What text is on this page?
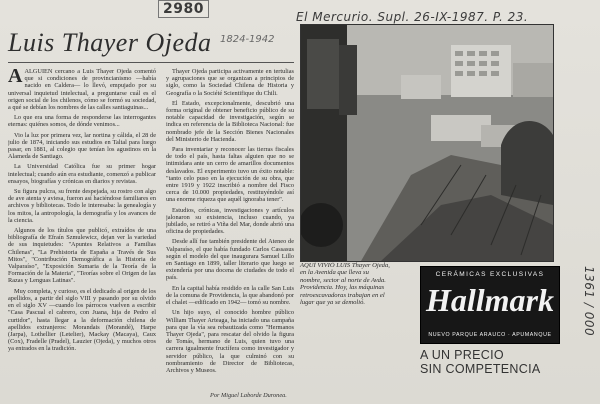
2980	El Mercurio. Supl. 26-IX-1987. P. 23.
1361 / 000
Luis Thayer Ojeda 1824-1942

AALGUIEN cercano a Luis Thayer Ojeda comentó que si condiciones de provincianismo —había nacido en Caldera— lo llevó, empujado por su universal inquietud intelectual, a preguntarse cuál es el origen social de los chilenos, cómo se formó su sociedad, a qué se debían los nombres de las calles santiaguinas...

Lo que era una forma de responderse las interrogantes eternas: quiénes somos, de dónde venimos...

Vio la luz por primera vez, lar nortina y cálida, el 28 de julio de 1874, iniciando sus estudios en Taltal para luego pasar, en 1881, al colegio que tenían los agustinos en la Alameda de Santiago.

La Universidad Católica fue su primer hogar intelectual; cuando aún era estudiante, comenzó a publicar ensayos, biografías y crónicas en diarios y revistas.

Su figura pulcra, su frente despejada, su rostro con algo de ave atenta y aviesa, fueron así haciéndose familiares en archivos y bibliotecas. Todo le interesaba: la genealogía y los mitos, la antropología, la demografía y los avances de la ciencia.

Algunos de los títulos que publicó, extraídos de una bibliografía de Efraín Szmulewicz, dejan ver la variedad de sus inquietudes: "Apuntes Relativos a Familias Chilenas", "La Prehistoria de España a Través de Sus Mitos", "Contribución Demográfica a la Historia de Valparaíso", "Exposición Sumaria de la Teoría de la Formación de la Materia", "Teorías sobre el Origen de las Razas y Lenguas Latinas".

Muy completa, y curioso, es el dedicado al origen de los apellidos, a partir del siglo VIII y pasando por su olvido en el siglo XV —cuando los párrocos vuelven a escribir "Casa Pascual el cabrero, con Juana, hija de Pedro el curtidor", hasta llegar a la deformación chilena de apellidos extranjeros: Morandais (Morandé), Harpe (Jarpa), Lothellier (Letelier), Mackay (Macaya), Caux (Cox), Fradelle (Pradel), Lauzier (Ojeda), y muchos otros ya entrados en la tradición.

Thayer Ojeda participa activamente en tertulias y agrupaciones que se organizan a principios de siglo, como la Sociedad Chilena de Historia y Geografía o la Société Scientifique du Chili.

El Estado, excepcionalmente, descubrió una forma original de obtener beneficio público de su notable capacidad de investigación, según se indica en referencia de la Biblioteca Nacional: fue nombrado jefe de la Sección Bienes Nacionales del Ministerio de Hacienda.

Para inventariar y reconocer las tierras fiscales de todo el país, hasta faltas alguien que no se intimidara ante un cerro de amarillos documentos deslavados. El experimento tuvo un éxito notable: "tanto celo puso en la ejecución de su obra, que entre 1919 y 1922 inscribió a nombre del Fisco cerca de 10.000 propiedades, restituyéndole así una enorme riqueza que aquél ignoraba tener".

Estudios, crónicas, investigaciones y artículos jalonaron su existencia, incluso cuando, ya jubilado, se retiró a Viña del Mar, donde abrió una oficina de propiedades.

Desde allí fue también presidente del Ateneo de Valparaíso, el que había fundado Carlos Cassasus según el modelo del que inaugurara Samuel Lillo en Santiago en 1899, taller literario que luego se extendería por una docena de ciudades de todo el país.

En la capital había residido en la calle San Luis de la comuna de Providencia, la que abandonó por el chalet —edificado en 1942— tomó su nombre.

Un hijo suyo, el conocido hombre público William Thayer Arteaga, ha iniciado una campaña para que la vía sea rebautizada como "Hermanos Thayer Ojeda", para rescatar del olvido la figura de Tomás, hermano de Luis, quien tuvo una carrera igualmente fructífera como investigador y servidor público, la que culminó con su nombramiento de Director de Bibliotecas, Archivos y Museos.

AQUÍ VIVIÓ LUIS Thayer Ojeda, en la Avenida que lleva su nombre, sector al norte de Avda. Providencia. Hoy, las máquinas retroexcavadoras trabajan en el lugar que ya se demolió.
Por Miguel Laborde Duronea.
CERÁMICAS EXCLUSIVAS
Hallmark
NUEVO PARQUE ARAUCO · APUMANQUE
A UN PRECIO
SIN COMPETENCIA
